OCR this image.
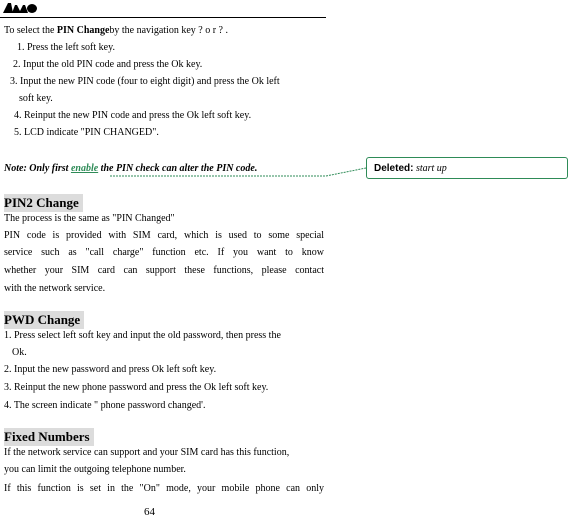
To select the PIN Changeby the navigation key ? o r ? .

1. Press the left soft key.

2. Input the old PIN code and press the Ok key.

3. Input the new PIN code (four to eight digit) and press the Ok left

soft key.

4. Reinput the new PIN code and press the Ok left soft key.

5. LCD indicate "PIN CHANGED".

Note: Only first enable the PIN check can alter the PIN code.	Deleted: start up
PIN2 Change

The process is the same as "PIN Changed"

PIN code is provided with SIM card, which is used to some special

service such as "call charge" function etc. If you want to know

whether your SIM card can support these functions, please contact

with the network service.

PWD Change

1. Press select left soft key and input the old password, then press the

Ok.

2. Input the new password and press Ok left soft key.

3. Reinput the new phone password and press the Ok left soft key.

4. The screen indicate " phone password changed'.

Fixed Numbers

If the network service can support and your SIM card has this function,

you can limit the outgoing telephone number.

If this function is set in the "On" mode, your mobile phone can only

64
